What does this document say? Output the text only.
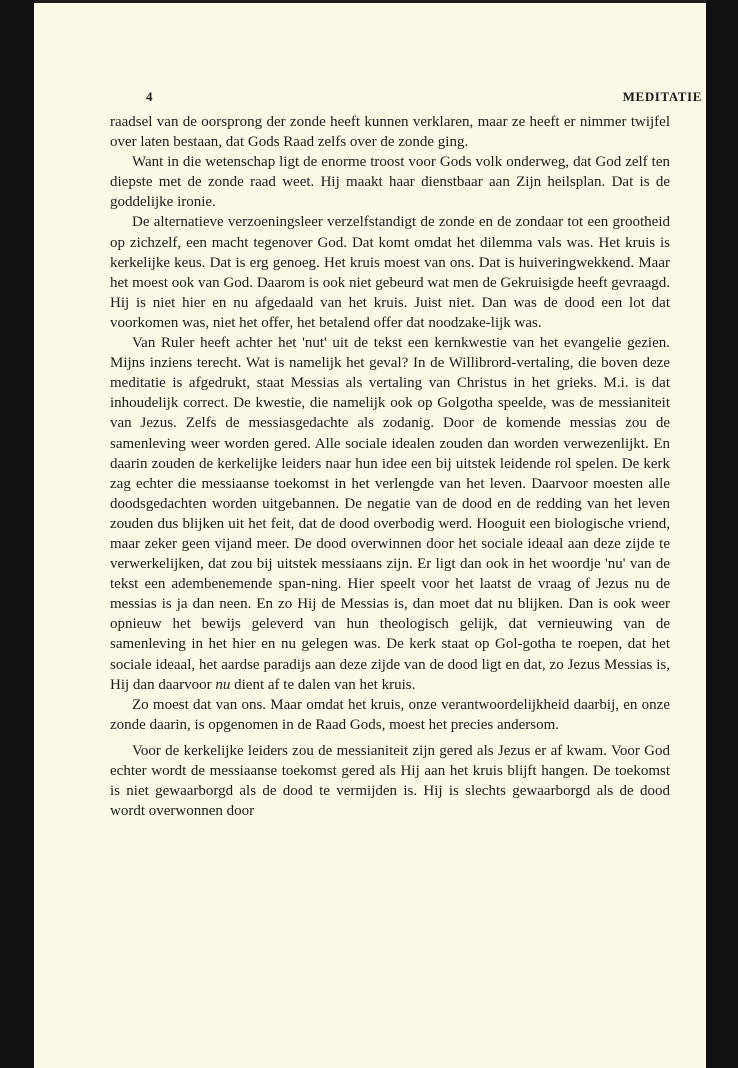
4	MEDITATIE

raadsel van de oorsprong der zonde heeft kunnen verklaren, maar ze heeft er nimmer twijfel over laten bestaan, dat Gods Raad zelfs over de zonde ging.

Want in die wetenschap ligt de enorme troost voor Gods volk onderweg, dat God zelf ten diepste met de zonde raad weet. Hij maakt haar dienstbaar aan Zijn heilsplan. Dat is de goddelijke ironie.

De alternatieve verzoeningsleer verzelfstandigt de zonde en de zondaar tot een grootheid op zichzelf, een macht tegenover God. Dat komt omdat het dilemma vals was. Het kruis is kerkelijke keus. Dat is erg genoeg. Het kruis moest van ons. Dat is huiveringwekkend. Maar het moest ook van God. Daarom is ook niet gebeurd wat men de Gekruisigde heeft gevraagd. Hij is niet hier en nu afgedaald van het kruis. Juist niet. Dan was de dood een lot dat voorkomen was, niet het offer, het betalend offer dat noodzake-lijk was.

Van Ruler heeft achter het 'nut' uit de tekst een kernkwestie van het evangelie gezien. Mijns inziens terecht. Wat is namelijk het geval? In de Willibrord-vertaling, die boven deze meditatie is afgedrukt, staat Messias als vertaling van Christus in het grieks. M.i. is dat inhoudelijk correct. De kwestie, die namelijk ook op Golgotha speelde, was de messianiteit van Jezus. Zelfs de messiasgedachte als zodanig. Door de komende messias zou de samenleving weer worden gered. Alle sociale idealen zouden dan worden verwezenlijkt. En daarin zouden de kerkelijke leiders naar hun idee een bij uitstek leidende rol spelen. De kerk zag echter die messiaanse toekomst in het verlengde van het leven. Daarvoor moesten alle doodsgedachten worden uitgebannen. De negatie van de dood en de redding van het leven zouden dus blijken uit het feit, dat de dood overbodig werd. Hooguit een biologische vriend, maar zeker geen vijand meer. De dood overwinnen door het sociale ideaal aan deze zijde te verwerkelijken, dat zou bij uitstek messiaans zijn. Er ligt dan ook in het woordje 'nu' van de tekst een adembenemende span-ning. Hier speelt voor het laatst de vraag of Jezus nu de messias is ja dan neen. En zo Hij de Messias is, dan moet dat nu blijken. Dan is ook weer opnieuw het bewijs geleverd van hun theologisch gelijk, dat vernieuwing van de samenleving in het hier en nu gelegen was. De kerk staat op Gol-gotha te roepen, dat het sociale ideaal, het aardse paradijs aan deze zijde van de dood ligt en dat, zo Jezus Messias is, Hij dan daarvoor nu dient af te dalen van het kruis.

Zo moest dat van ons. Maar omdat het kruis, onze verantwoordelijkheid daarbij, en onze zonde daarin, is opgenomen in de Raad Gods, moest het precies andersom.

Voor de kerkelijke leiders zou de messianiteit zijn gered als Jezus er af kwam. Voor God echter wordt de messiaanse toekomst gered als Hij aan het kruis blijft hangen. De toekomst is niet gewaarborgd als de dood te vermijden is. Hij is slechts gewaarborgd als de dood wordt overwonnen door
